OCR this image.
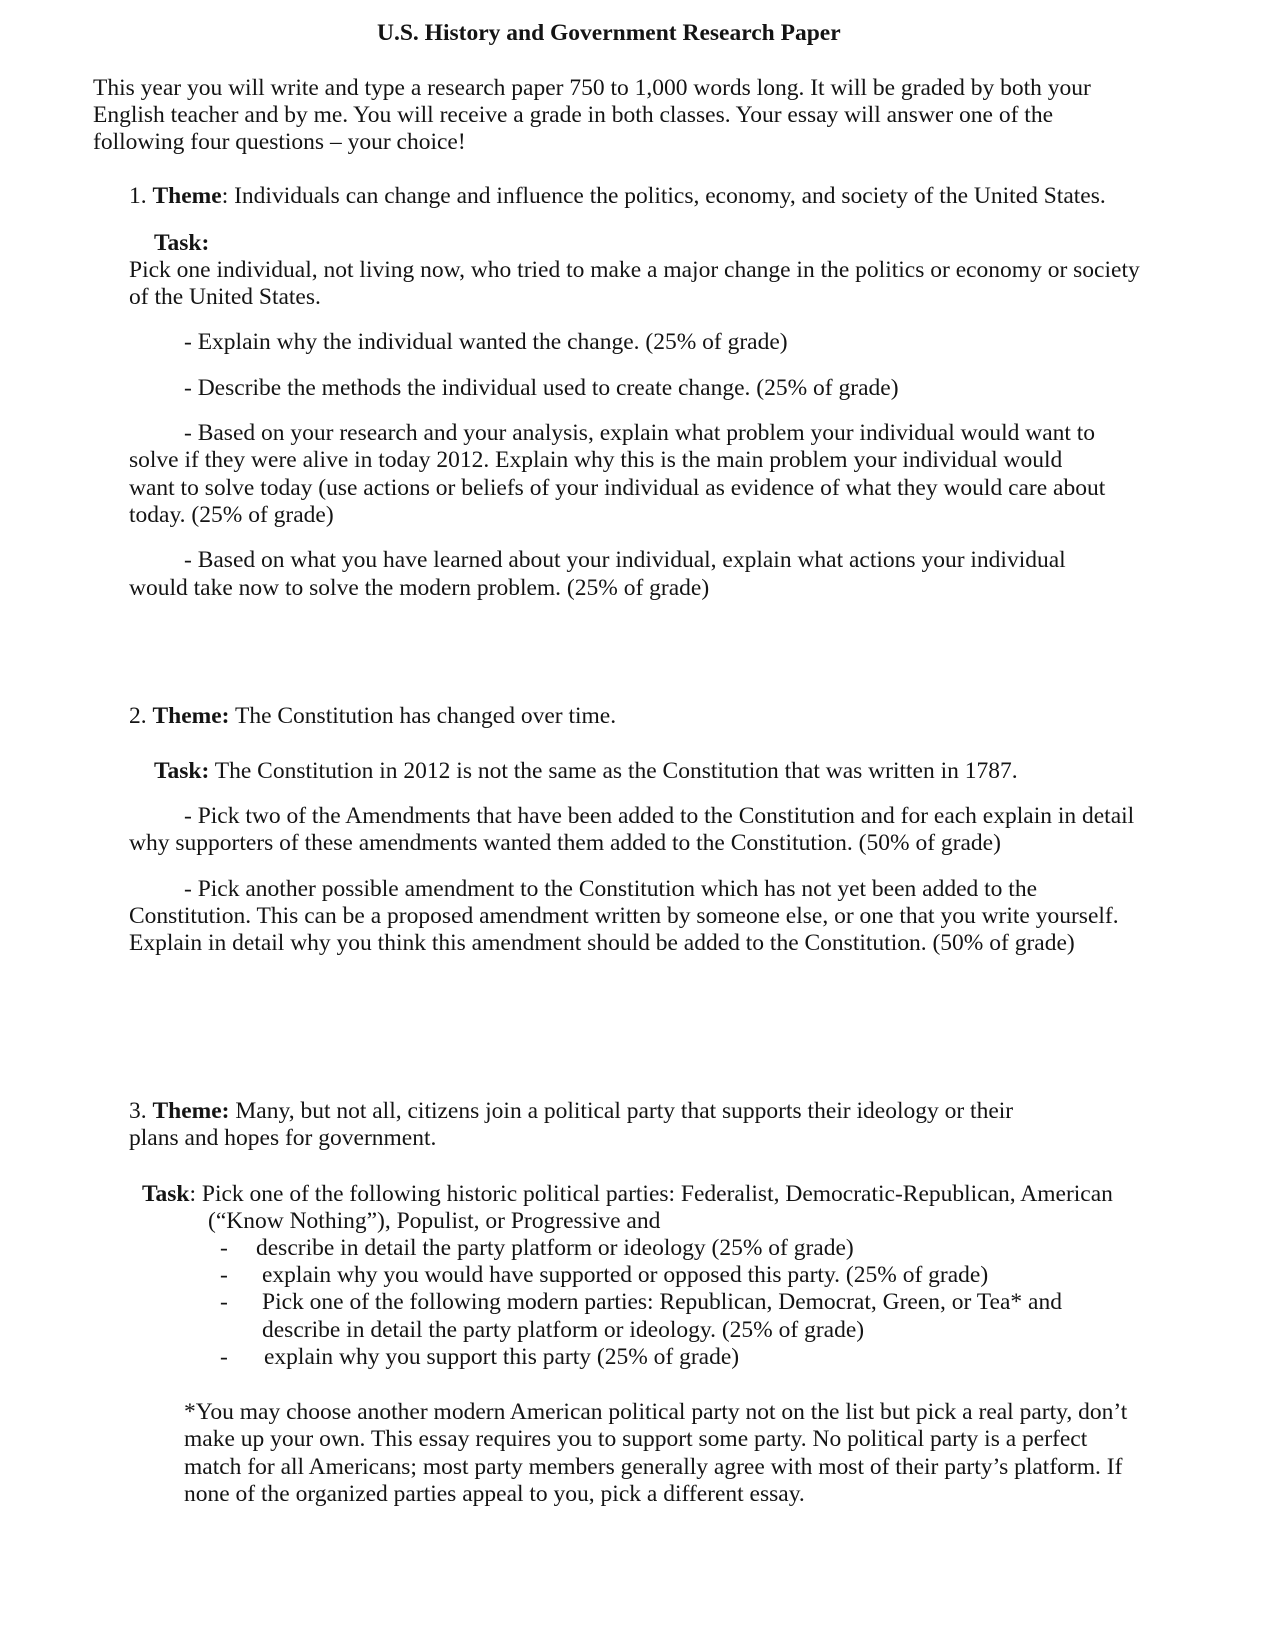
U.S. History and Government Research Paper
This year you will write and type a research paper 750 to 1,000 words long. It will be graded by both your
English teacher and by me. You will receive a grade in both classes. Your essay will answer one of the
following four questions – your choice!
1. Theme: Individuals can change and influence the politics, economy, and society of the United States.
Task:
Pick one individual, not living now, who tried to make a major change in the politics or economy or society
of the United States.
- Explain why the individual wanted the change. (25% of grade)
- Describe the methods the individual used to create change. (25% of grade)
- Based on your research and your analysis, explain what problem your individual would want to
solve if they were alive in today 2012. Explain why this is the main problem your individual would
want to solve today (use actions or beliefs of your individual as evidence of what they would care about
today. (25% of grade)
- Based on what you have learned about your individual, explain what actions your individual
would take now to solve the modern problem. (25% of grade)
2. Theme: The Constitution has changed over time.
Task: The Constitution in 2012 is not the same as the Constitution that was written in 1787.
- Pick two of the Amendments that have been added to the Constitution and for each explain in detail
why supporters of these amendments wanted them added to the Constitution. (50% of grade)
- Pick another possible amendment to the Constitution which has not yet been added to the
Constitution. This can be a proposed amendment written by someone else, or one that you write yourself.
Explain in detail why you think this amendment should be added to the Constitution. (50% of grade)
3. Theme: Many, but not all, citizens join a political party that supports their ideology or their
plans and hopes for government.
Task: Pick one of the following historic political parties: Federalist, Democratic-Republican, American
(“Know Nothing”), Populist, or Progressive and
- describe in detail the party platform or ideology (25% of grade)
- explain why you would have supported or opposed this party. (25% of grade)
- Pick one of the following modern parties: Republican, Democrat, Green, or Tea* and
describe in detail the party platform or ideology. (25% of grade)
- explain why you support this party (25% of grade)
*You may choose another modern American political party not on the list but pick a real party, don’t
make up your own. This essay requires you to support some party. No political party is a perfect
match for all Americans; most party members generally agree with most of their party’s platform. If
none of the organized parties appeal to you, pick a different essay.
